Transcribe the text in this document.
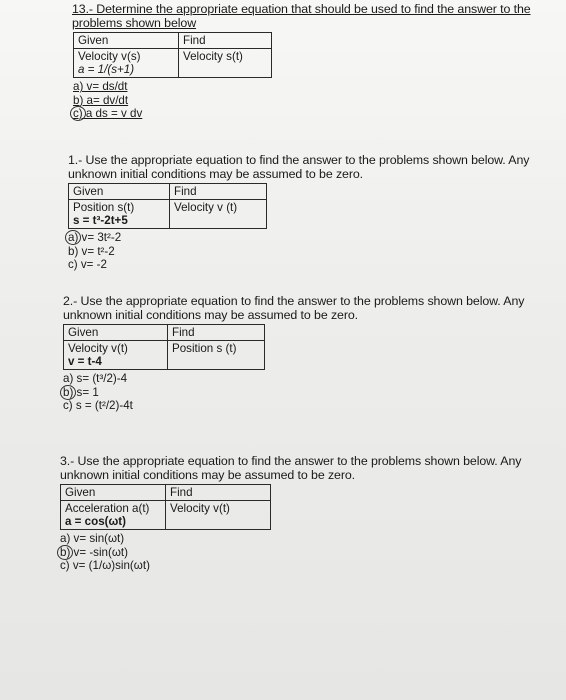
13.- Determine the appropriate equation that should be used to find the answer to the
problems shown below
Given	Find
Velocity v(s)
a = 1/(s+1)	Velocity s(t)
a) v= ds/dt
b) a= dv/dt
c) a ds = v dv
1.- Use the appropriate equation to find the answer to the problems shown below. Any
unknown initial conditions may be assumed to be zero.
Given	Find
Position s(t)
s = t³-2t+5	Velocity v (t)
a) v= 3t²-2
b) v= t²-2
c) v= -2
2.- Use the appropriate equation to find the answer to the problems shown below. Any
unknown initial conditions may be assumed to be zero.
Given	Find
Velocity v(t)
v = t-4	Position s (t)
a) s= (t³/2)-4
b) s= 1
c) s = (t²/2)-4t
3.- Use the appropriate equation to find the answer to the problems shown below. Any
unknown initial conditions may be assumed to be zero.
Given	Find
Acceleration a(t)
a = cos(ωt)	Velocity v(t)
a) v= sin(ωt)
b) v= -sin(ωt)
c) v= (1/ω)sin(ωt)
